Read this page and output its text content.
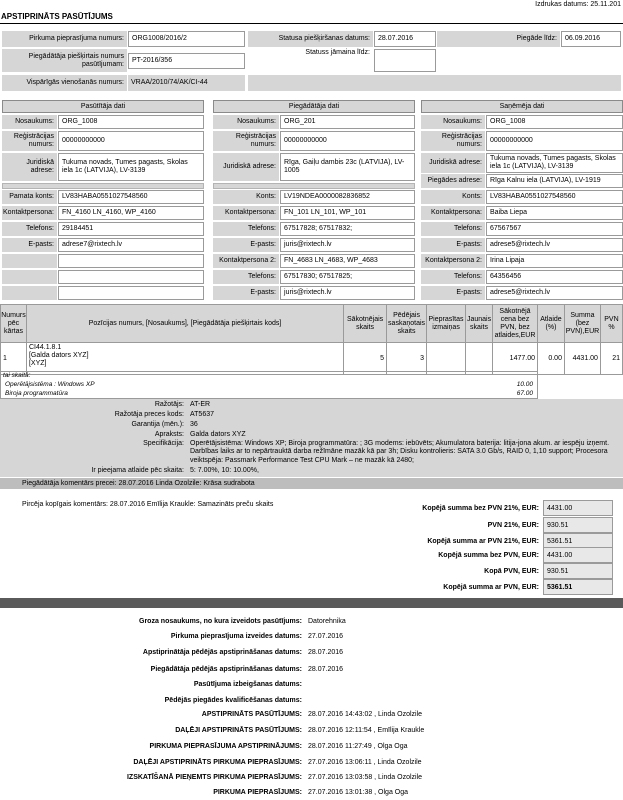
APSTIPRINĀTS PASŪTĪJUMS
Izdrukas datums: 25.11.201
Pirkuma pieprasījuma numurs:	ORG1008/2016/2	Statusa piešķiršanas datums:	28.07.2016	Piegāde līdz:	06.09.2016
Piegādātāja piešķirtais numurs pasūtījumam:	PT-2016/356
Statuss jāmaina līdz:
Vispārīgās vienošanās numurs:	VRAA/2010/74/AK/CI-44
Pasūtītāja dati
Nosaukums:	ORG_1008
Reģistrācijas numurs:
00000000000
Juridiskā adrese:
Tukuma novads, Tumes pagasts, Skolas iela 1c (LATVIJA), LV-3139
Pamata konts:	LV83HABA0551027548560
Kontaktpersona:	FN_4160 LN_4160, WP_4160
Telefons:	29184451
E-pasts:	adrese7@rixtech.lv
Piegādātāja dati
Nosaukums:	ORG_201
Reģistrācijas numurs:
00000000000
Juridiskā adrese:
Rīga, Gaiļu dambis 23c (LATVIJA), LV-1005
Konts:	LV19NDEA0000082836852
Kontaktpersona:	FN_101 LN_101, WP_101
Telefons:	67517828; 67517832;
E-pasts:	juris@rixtech.lv
Kontaktpersona 2:	FN_4683 LN_4683, WP_4683
Telefons:	67517830; 67517825;
E-pasts:	juris@rixtech.lv
Saņēmēja dati
Nosaukums:	ORG_1008
Reģistrācijas numurs:
00000000000
Juridiskā adrese:
Tukuma novads, Tumes pagasts, Skolas iela 1c (LATVIJA), LV-3139
Piegādes adrese:	Rīga Kalnu iela (LATVIJA), LV-1919
Konts:	LV83HABA0551027548560
Kontaktpersona:	Baiba Liepa
Telefons:	67567567
E-pasts:	adrese5@rixtech.lv
Kontaktpersona 2:	Irina Lipaja
Telefons:	64356456
E-pasts:	adrese5@rixtech.lv
Numurs pēc kārtas	Pozīcijas numurs, [Nosaukums], [Piegādātāja piešķirtais kods]	Sākotnējais skaits	Pēdējais saskaņotais skaits	Pieprasītas izmaiņas	Jaunais skaits	Sākotnējā cena bez PVN, bez atlaides,EUR	Atlaide (%)	Summa (bez PVN),EUR	PVN %
1	CI44.1.8.1
[Galda dators XYZ]
[XYZ]	5	3			1477.00	0.00	4431.00	21
tai skaitā:
Operētājsistēma : Windows XP	10.00
Biroja programmatūra	67.00
Ražotājs: AT-ER
Ražotāja preces kods: AT5637
Garantija (mēn.): 36
Apraksts: Galda dators XYZ
Specifikācija: Operētājsistēma: Windows XP; Biroja programmatūra: ; 3G modems: iebūvēts; Akumulatora baterija: litija-jona akum. ar iespēju izņemt. Darbības laiks ar to nepārtrauktā darba režīmāne mazāk kā par 3h; Disku kontrolieris: SATA 3.0 Gb/s, RAID 0, 1,10 support; Procesora veiktspēja: Passmark Performance Test CPU Mark – ne mazāk kā 2480;
Ir pieejama atlaide pēc skaita: 5: 7.00%, 10: 10.00%,
Piegādātāja komentārs precei: 28.07.2016 Linda Ozolzile: Krāsa sudrabota
Pircēja kopīgais komentārs: 28.07.2016 Emīlija Kraukle: Samazināts preču skaits	Kopējā summa bez PVN 21%, EUR:	4431.00
PVN 21%, EUR:	930.51
Kopējā summa ar PVN 21%, EUR:	5361.51
Kopējā summa bez PVN, EUR:	4431.00
Kopā PVN, EUR:	930.51
Kopējā summa ar PVN, EUR:	5361.51
Groza nosaukums, no kura izveidots pasūtījums: Datorehnika
Pirkuma pieprasījuma izveides datums: 27.07.2016
Apstiprinātāja pēdējās apstiprināšanas datums: 28.07.2016
Piegādātāja pēdējās apstiprināšanas datums: 28.07.2016
Pasūtījuma izbeigšanas datums:
Pēdējās piegādes kvalificēšanas datums:
APSTIPRINĀTS PASŪTĪJUMS: 28.07.2016 14:43:02 , Linda Ozolzile
DAĻĒJI APSTIPRINĀTS PASŪTĪJUMS: 28.07.2016 12:11:54 , Emīlija Kraukle
PIRKUMA PIEPRASĪJUMA APSTIPRINĀJUMS: 28.07.2016 11:27:49 , Olga Oga
DAĻĒJI APSTIPRINĀTS PIRKUMA PIEPRASĪJUMS: 27.07.2016 13:06:11 , Linda Ozolzile
IZSKATĪŠANĀ PIEŅEMTS PIRKUMA PIEPRASĪJUMS: 27.07.2016 13:03:58 , Linda Ozolzile
PIRKUMA PIEPRASĪJUMS: 27.07.2016 13:01:38 , Olga Oga
